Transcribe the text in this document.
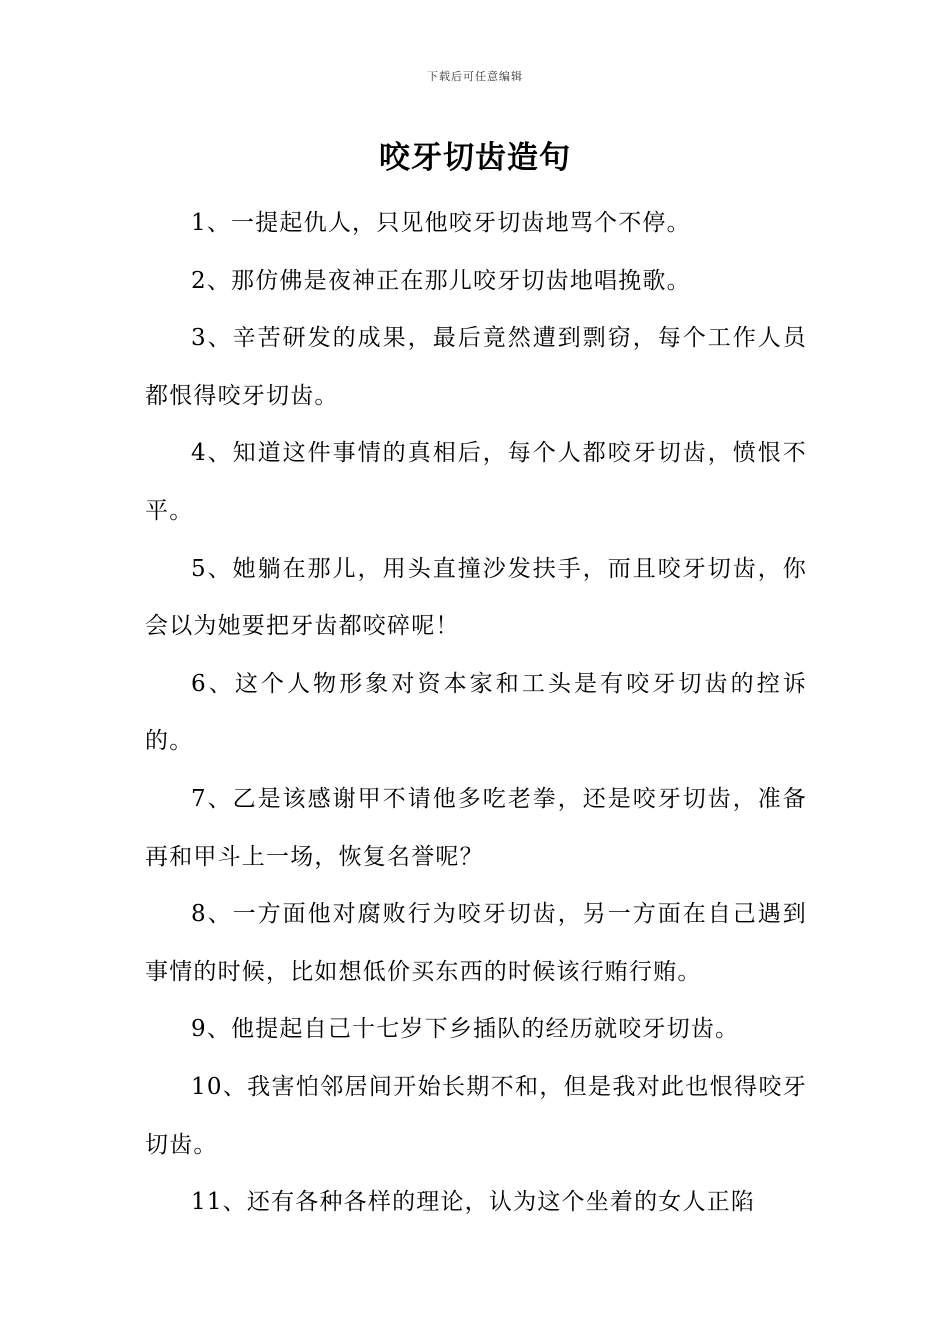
下载后可任意编辑
咬牙切齿造句

1、一提起仇人，只见他咬牙切齿地骂个不停。

2、那仿佛是夜神正在那儿咬牙切齿地唱挽歌。

3、辛苦研发的成果，最后竟然遭到剽窃，每个工作人员都恨得咬牙切齿。

4、知道这件事情的真相后，每个人都咬牙切齿，愤恨不平。

5、她躺在那儿，用头直撞沙发扶手，而且咬牙切齿，你会以为她要把牙齿都咬碎呢！

6、这个人物形象对资本家和工头是有咬牙切齿的控诉的。

7、乙是该感谢甲不请他多吃老拳，还是咬牙切齿，准备再和甲斗上一场，恢复名誉呢？

8、一方面他对腐败行为咬牙切齿，另一方面在自己遇到事情的时候，比如想低价买东西的时候该行贿行贿。

9、他提起自己十七岁下乡插队的经历就咬牙切齿。

10、我害怕邻居间开始长期不和，但是我对此也恨得咬牙切齿。

11、还有各种各样的理论，认为这个坐着的女人正陷
